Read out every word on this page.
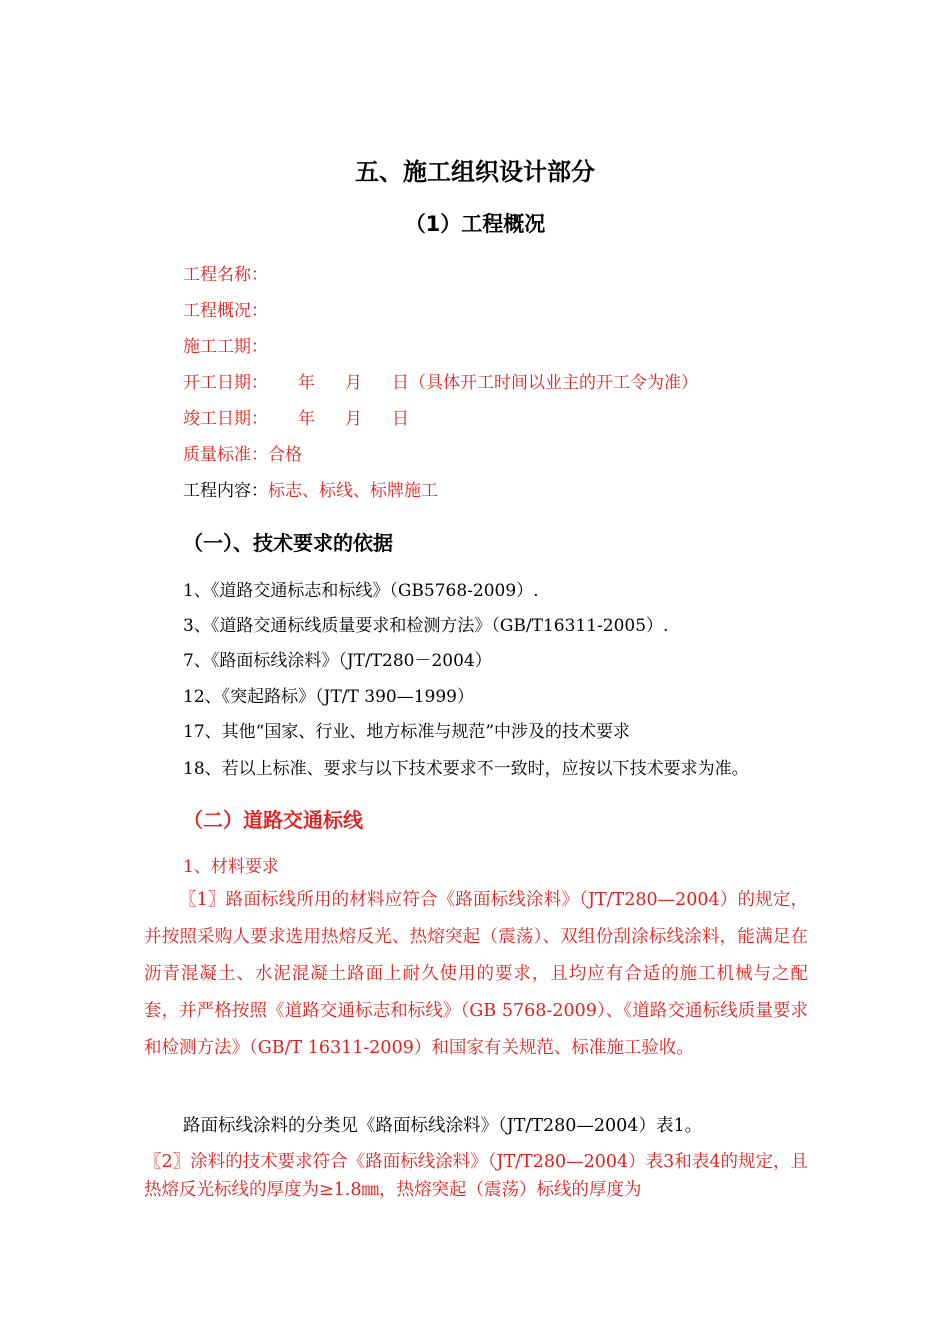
五、施工组织设计部分
（1）工程概况
工程名称：
工程概况：
施工工期：
开工日期： 年 月 日（具体开工时间以业主的开工令为准）
竣工日期： 年 月 日
质量标准：合格
工程内容：标志、标线、标牌施工
（一）、技术要求的依据
1、《道路交通标志和标线》（GB5768-2009）.
3、《道路交通标线质量要求和检测方法》（GB/T16311-2005）.
7、《路面标线涂料》（JT/T280－2004）
12、《突起路标》（JT/T 390—1999）
17、其他“国家、行业、地方标准与规范”中涉及的技术要求
18、若以上标准、要求与以下技术要求不一致时，应按以下技术要求为准。
（二）道路交通标线
1、材料要求
〖1〗路面标线所用的材料应符合《路面标线涂料》（JT/T280—2004）的规定，并按照采购人要求选用热熔反光、热熔突起（震荡）、双组份刮涂标线涂料，能满足在沥青混凝土、水泥混凝土路面上耐久使用的要求，且均应有合适的施工机械与之配套，并严格按照《道路交通标志和标线》（GB 5768-2009）、《道路交通标线质量要求和检测方法》（GB/T 16311-2009）和国家有关规范、标准施工验收。
路面标线涂料的分类见《路面标线涂料》（JT/T280—2004）表1。
〖2〗涂料的技术要求符合《路面标线涂料》（JT/T280—2004）表3和表4的规定，且热熔反光标线的厚度为≥1.8㎜，热熔突起（震荡）标线的厚度为
